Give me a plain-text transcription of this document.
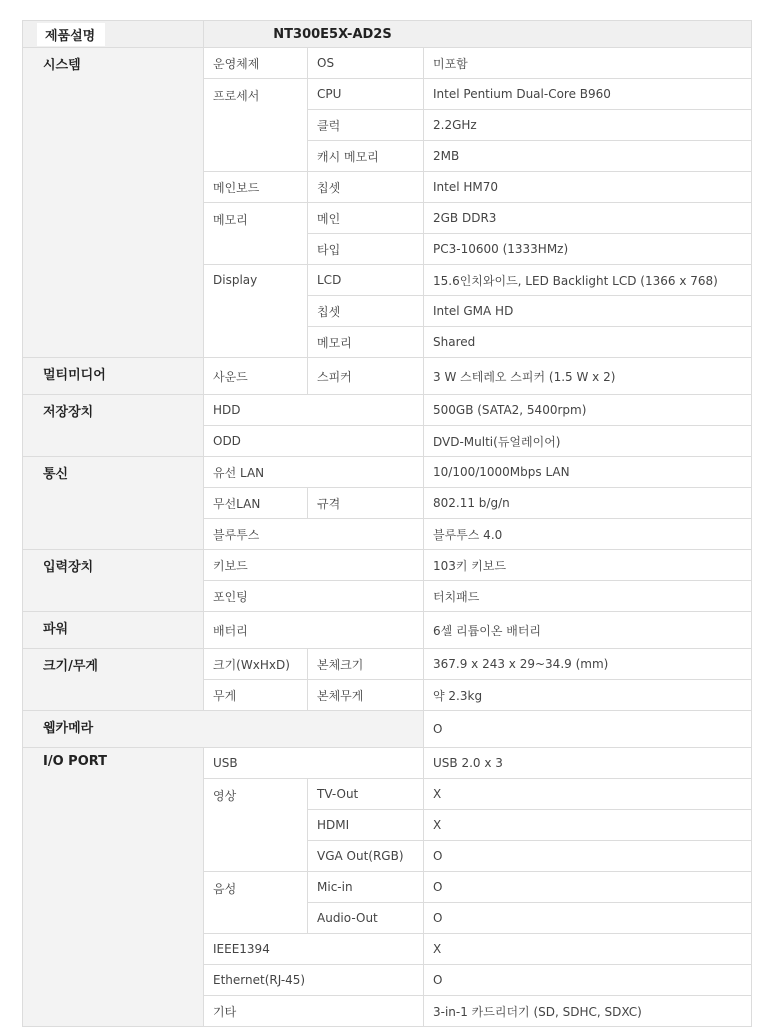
제품설명	NT300E5X-AD2S		

시스템	운영체제	OS	미포함
	프로세서	CPU	Intel Pentium Dual-Core B960
		클럭	2.2GHz
		캐시 메모리	2MB
	메인보드	칩셋	Intel HM70
	메모리	메인	2GB DDR3
		타입	PC3-10600 (1333HMz)
	Display	LCD	15.6인치와이드, LED Backlight LCD (1366 x 768)
		칩셋	Intel GMA HD
		메모리	Shared
멀티미디어	사운드	스피커	3 W 스테레오 스피커 (1.5 W x 2)
저장장치	HDD		500GB (SATA2, 5400rpm)
	ODD		DVD-Multi(듀얼레이어)
통신	유선 LAN		10/100/1000Mbps LAN
	무선LAN	규격	802.11 b/g/n
	블루투스		블루투스 4.0
입력장치	키보드		103키 키보드
	포인팅		터치패드
파워	배터리		6셀 리튬이온 배터리
크기/무게	크기(WxHxD)	본체크기	367.9 x 243 x 29~34.9 (mm)
	무게	본체무게	약 2.3kg
웹카메라			O
I/O PORT	USB		USB 2.0 x 3
	영상	TV-Out	X
		HDMI	X
		VGA Out(RGB)	O
	음성	Mic-in	O
		Audio-Out	O
	IEEE1394		X
	Ethernet(RJ-45)		O
	기타		3-in-1 카드리더기 (SD, SDHC, SDXC)
